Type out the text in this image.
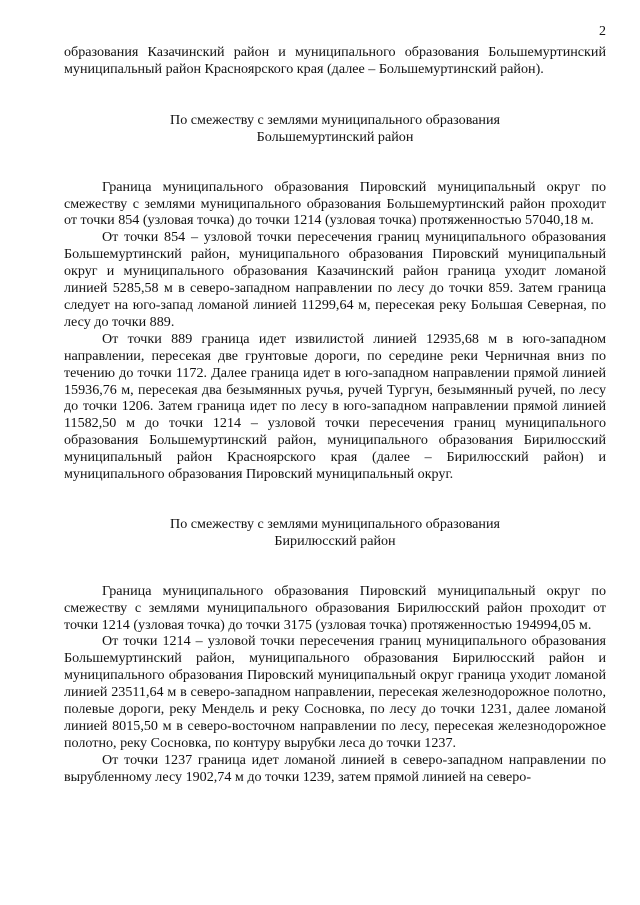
2

образования Казачинский район и муниципального образования Большемуртинский муниципальный район Красноярского края (далее – Большемуртинский район).

По смежеству с землями муниципального образования

Большемуртинский район

Граница муниципального образования Пировский муниципальный округ по смежеству с землями муниципального образования Большемуртинский район проходит от точки 854 (узловая точка) до точки 1214 (узловая точка) протяженностью 57040,18 м.

От точки 854 – узловой точки пересечения границ муниципального образования Большемуртинский район, муниципального образования Пировский муниципальный округ и муниципального образования Казачинский район граница уходит ломаной линией 5285,58 м в северо-западном направлении по лесу до точки 859. Затем граница следует на юго-запад ломаной линией 11299,64 м, пересекая реку Большая Северная, по лесу до точки 889.

От точки 889 граница идет извилистой линией 12935,68 м в юго-западном направлении, пересекая две грунтовые дороги, по середине реки Черничная вниз по течению до точки 1172. Далее граница идет в юго-западном направлении прямой линией 15936,76 м, пересекая два безымянных ручья, ручей Тургун, безымянный ручей, по лесу до точки 1206. Затем граница идет по лесу в юго-западном направлении прямой линией 11582,50 м до точки 1214 – узловой точки пересечения границ муниципального образования Большемуртинский район, муниципального образования Бирилюсский муниципальный район Красноярского края (далее – Бирилюсский район) и муниципального образования Пировский муниципальный округ.

По смежеству с землями муниципального образования

Бирилюсский район

Граница муниципального образования Пировский муниципальный округ по смежеству с землями муниципального образования Бирилюсский район проходит от точки 1214 (узловая точка) до точки 3175 (узловая точка) протяженностью 194994,05 м.

От точки 1214 – узловой точки пересечения границ муниципального образования Большемуртинский район, муниципального образования Бирилюсский район и муниципального образования Пировский муниципальный округ граница уходит ломаной линией 23511,64 м в северо-западном направлении, пересекая железнодорожное полотно, полевые дороги, реку Мендель и реку Сосновка, по лесу до точки 1231, далее ломаной линией 8015,50 м в северо-восточном направлении по лесу, пересекая железнодорожное полотно, реку Сосновка, по контуру вырубки леса до точки 1237.

От точки 1237 граница идет ломаной линией в северо-западном направлении по вырубленному лесу 1902,74 м до точки 1239, затем прямой линией на северо-
